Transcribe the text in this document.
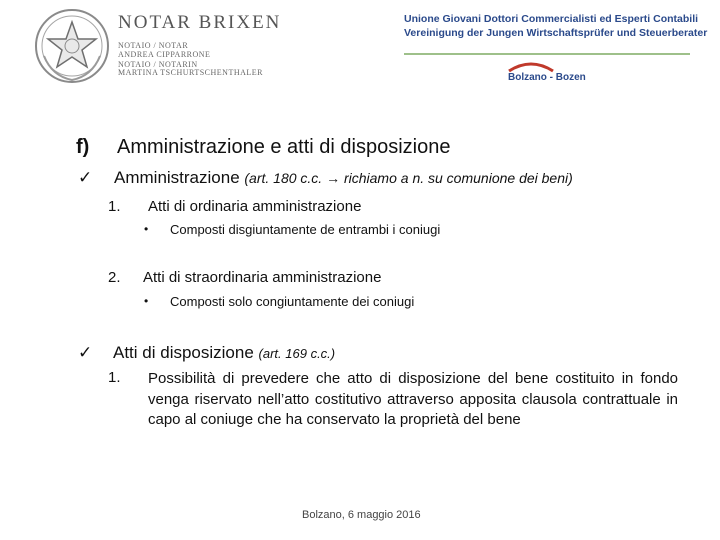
NOTAR BRIXEN
NOTAIO / NOTAR
ANDREA CIPPARRONE
NOTAIO / NOTARIN
MARTINA TSCHURTSCHENTHALER
Unione Giovani Dottori Commercialisti ed Esperti Contabili
Vereinigung der Jungen Wirtschaftsprüfer und Steuerberater
Bolzano - Bozen
f) Amministrazione e atti di disposizione
✓ Amministrazione (art. 180 c.c. → richiamo a n. su comunione dei beni)
1. Atti di ordinaria amministrazione
• Composti disgiuntamente de entrambi i coniugi
2. Atti di straordinaria amministrazione
• Composti solo congiuntamente dei coniugi
✓ Atti di disposizione (art. 169 c.c.)
1. Possibilità di prevedere che atto di disposizione del bene costituito in fondo venga riservato nell’atto costitutivo attraverso apposita clausola contrattuale in capo al coniuge che ha conservato la proprietà del bene
Bolzano, 6 maggio 2016
